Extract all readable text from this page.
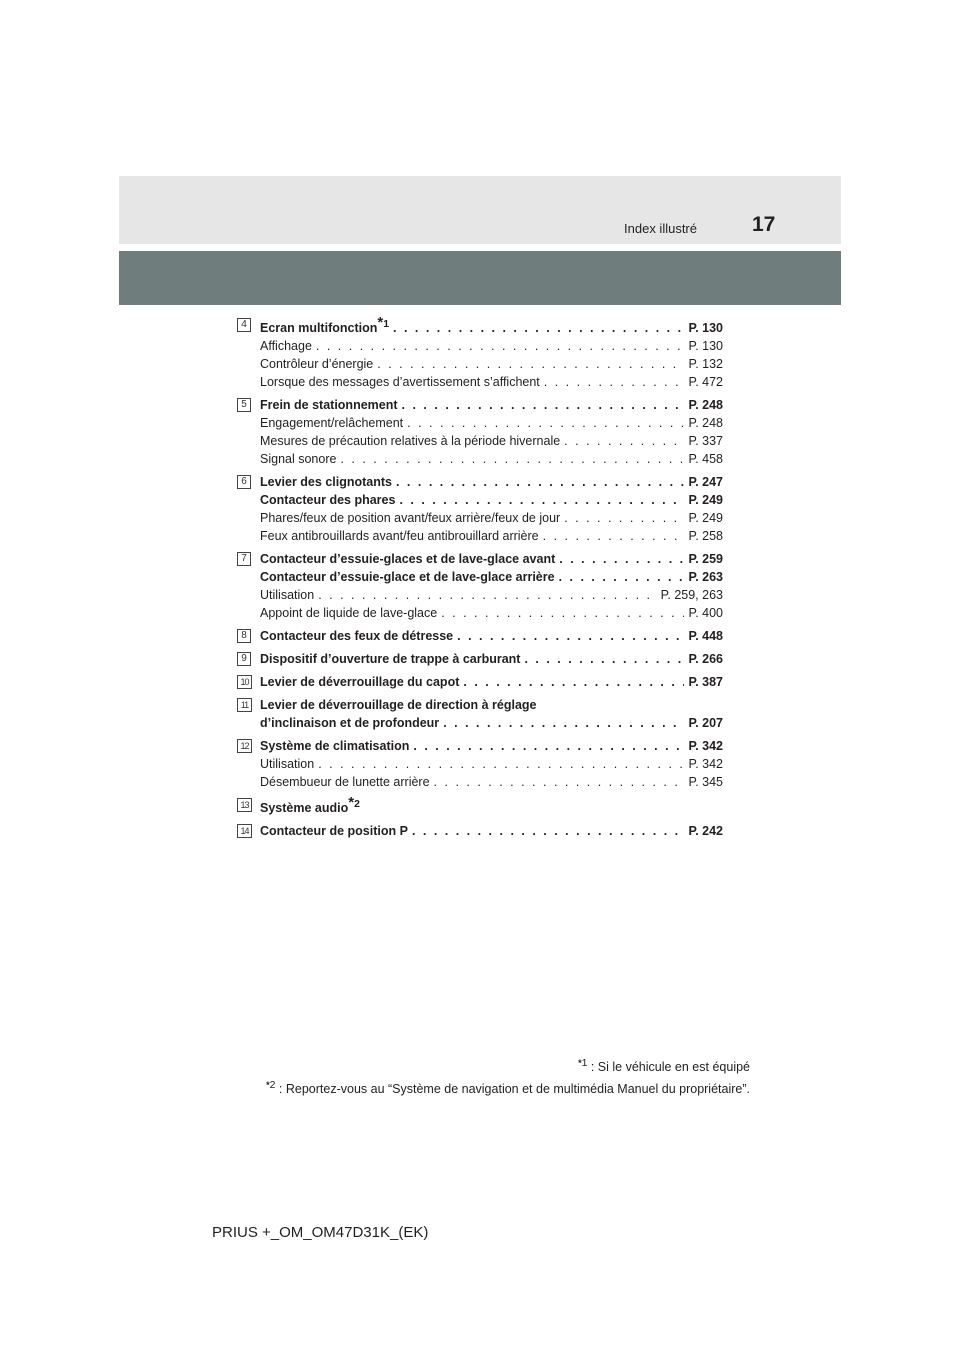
Index illustré	17
4	Ecran multifonction$^{*1}$ . . .	P. 130
Affichage . . .	P. 130
Contrôleur d’énergie . . .	P. 132
Lorsque des messages d’avertissement s’affichent . . .	P. 472
5	Frein de stationnement . . .	P. 248
Engagement/relâchement . . .	P. 248
Mesures de précaution relatives à la période hivernale . . .	P. 337
Signal sonore . . .	P. 458
6	Levier des clignotants . . .	P. 247
Contacteur des phares . . .	P. 249
Phares/feux de position avant/feux arrière/feux de jour . . .	P. 249
Feux antibrouillards avant/feu antibrouillard arrière . . .	P. 258
7	Contacteur d’essuie-glaces et de lave-glace avant . . .	P. 259
Contacteur d’essuie-glace et de lave-glace arrière . . .	P. 263
Utilisation . . .	P. 259, 263
Appoint de liquide de lave-glace . . .	P. 400
8	Contacteur des feux de détresse . . .	P. 448
9	Dispositif d’ouverture de trappe à carburant . . .	P. 266
10 Levier de déverrouillage du capot . . .	P. 387
11 Levier de déverrouillage de direction à réglage
d’inclinaison et de profondeur . . .	P. 207
12 Système de climatisation . . .	P. 342
Utilisation . . .	P. 342
Désembueur de lunette arrière . . .	P. 345
13 Système audio$^{*2}$
14 Contacteur de position P . . .	P. 242
$^{*1}$ : Si le véhicule en est équipé
$^{*2}$ : Reportez-vous au “Système de navigation et de multimédia Manuel du propriétaire”.
PRIUS +_OM_OM47D31K_(EK)
